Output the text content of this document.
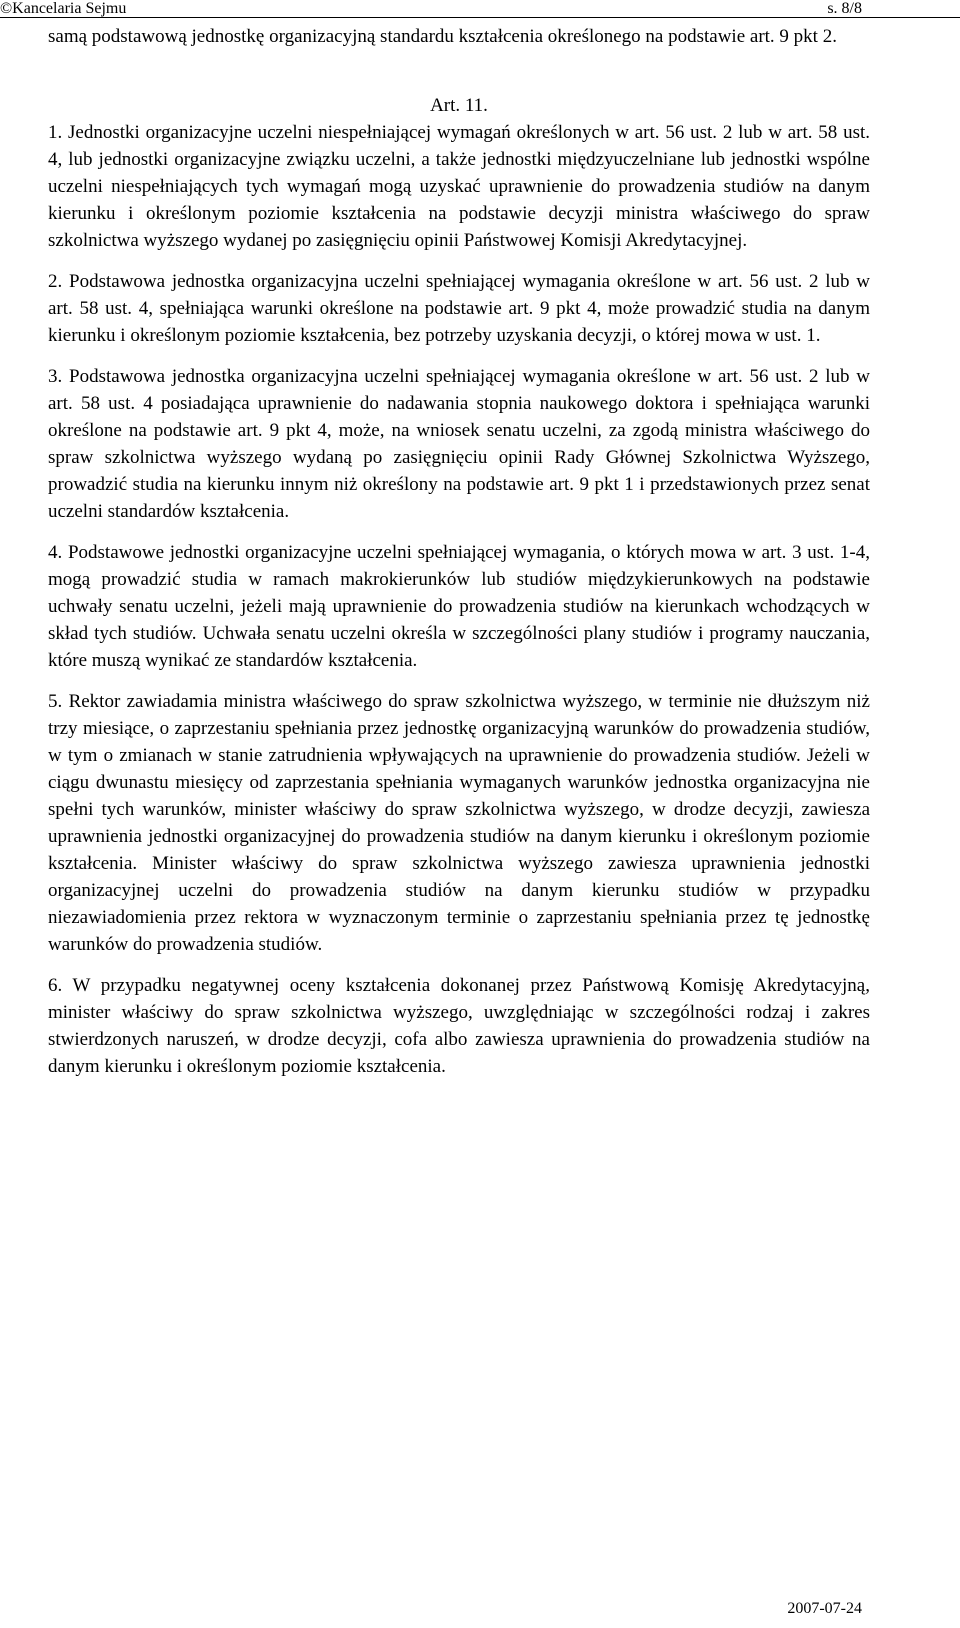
©Kancelaria Sejmu	s. 8/8

samą podstawową jednostkę organizacyjną standardu kształcenia określonego na podstawie art. 9 pkt 2.

Art. 11.

1. Jednostki organizacyjne uczelni niespełniającej wymagań określonych w art. 56 ust. 2 lub w art. 58 ust. 4, lub jednostki organizacyjne związku uczelni, a także jednostki międzyuczelniane lub jednostki wspólne uczelni niespełniających tych wymagań mogą uzyskać uprawnienie do prowadzenia studiów na danym kierunku i określonym poziomie kształcenia na podstawie decyzji ministra właściwego do spraw szkolnictwa wyższego wydanej po zasięgnięciu opinii Państwowej Komisji Akredytacyjnej.

2. Podstawowa jednostka organizacyjna uczelni spełniającej wymagania określone w art. 56 ust. 2 lub w art. 58 ust. 4, spełniająca warunki określone na podstawie art. 9 pkt 4, może prowadzić studia na danym kierunku i określonym poziomie kształcenia, bez potrzeby uzyskania decyzji, o której mowa w ust. 1.

3. Podstawowa jednostka organizacyjna uczelni spełniającej wymagania określone w art. 56 ust. 2 lub w art. 58 ust. 4 posiadająca uprawnienie do nadawania stopnia naukowego doktora i spełniająca warunki określone na podstawie art. 9 pkt 4, może, na wniosek senatu uczelni, za zgodą ministra właściwego do spraw szkolnictwa wyższego wydaną po zasięgnięciu opinii Rady Głównej Szkolnictwa Wyższego, prowadzić studia na kierunku innym niż określony na podstawie art. 9 pkt 1 i przedstawionych przez senat uczelni standardów kształcenia.

4. Podstawowe jednostki organizacyjne uczelni spełniającej wymagania, o których mowa w art. 3 ust. 1-4, mogą prowadzić studia w ramach makrokierunków lub studiów międzykierunkowych na podstawie uchwały senatu uczelni, jeżeli mają uprawnienie do prowadzenia studiów na kierunkach wchodzących w skład tych studiów. Uchwała senatu uczelni określa w szczególności plany studiów i programy nauczania, które muszą wynikać ze standardów kształcenia.

5. Rektor zawiadamia ministra właściwego do spraw szkolnictwa wyższego, w terminie nie dłuższym niż trzy miesiące, o zaprzestaniu spełniania przez jednostkę organizacyjną warunków do prowadzenia studiów, w tym o zmianach w stanie zatrudnienia wpływających na uprawnienie do prowadzenia studiów. Jeżeli w ciągu dwunastu miesięcy od zaprzestania spełniania wymaganych warunków jednostka organizacyjna nie spełni tych warunków, minister właściwy do spraw szkolnictwa wyższego, w drodze decyzji, zawiesza uprawnienia jednostki organizacyjnej do prowadzenia studiów na danym kierunku i określonym poziomie kształcenia. Minister właściwy do spraw szkolnictwa wyższego zawiesza uprawnienia jednostki organizacyjnej uczelni do prowadzenia studiów na danym kierunku studiów w przypadku niezawiadomienia przez rektora w wyznaczonym terminie o zaprzestaniu spełniania przez tę jednostkę warunków do prowadzenia studiów.

6. W przypadku negatywnej oceny kształcenia dokonanej przez Państwową Komisję Akredytacyjną, minister właściwy do spraw szkolnictwa wyższego, uwzględniając w szczególności rodzaj i zakres stwierdzonych naruszeń, w drodze decyzji, cofa albo zawiesza uprawnienia do prowadzenia studiów na danym kierunku i określonym poziomie kształcenia.

2007-07-24
